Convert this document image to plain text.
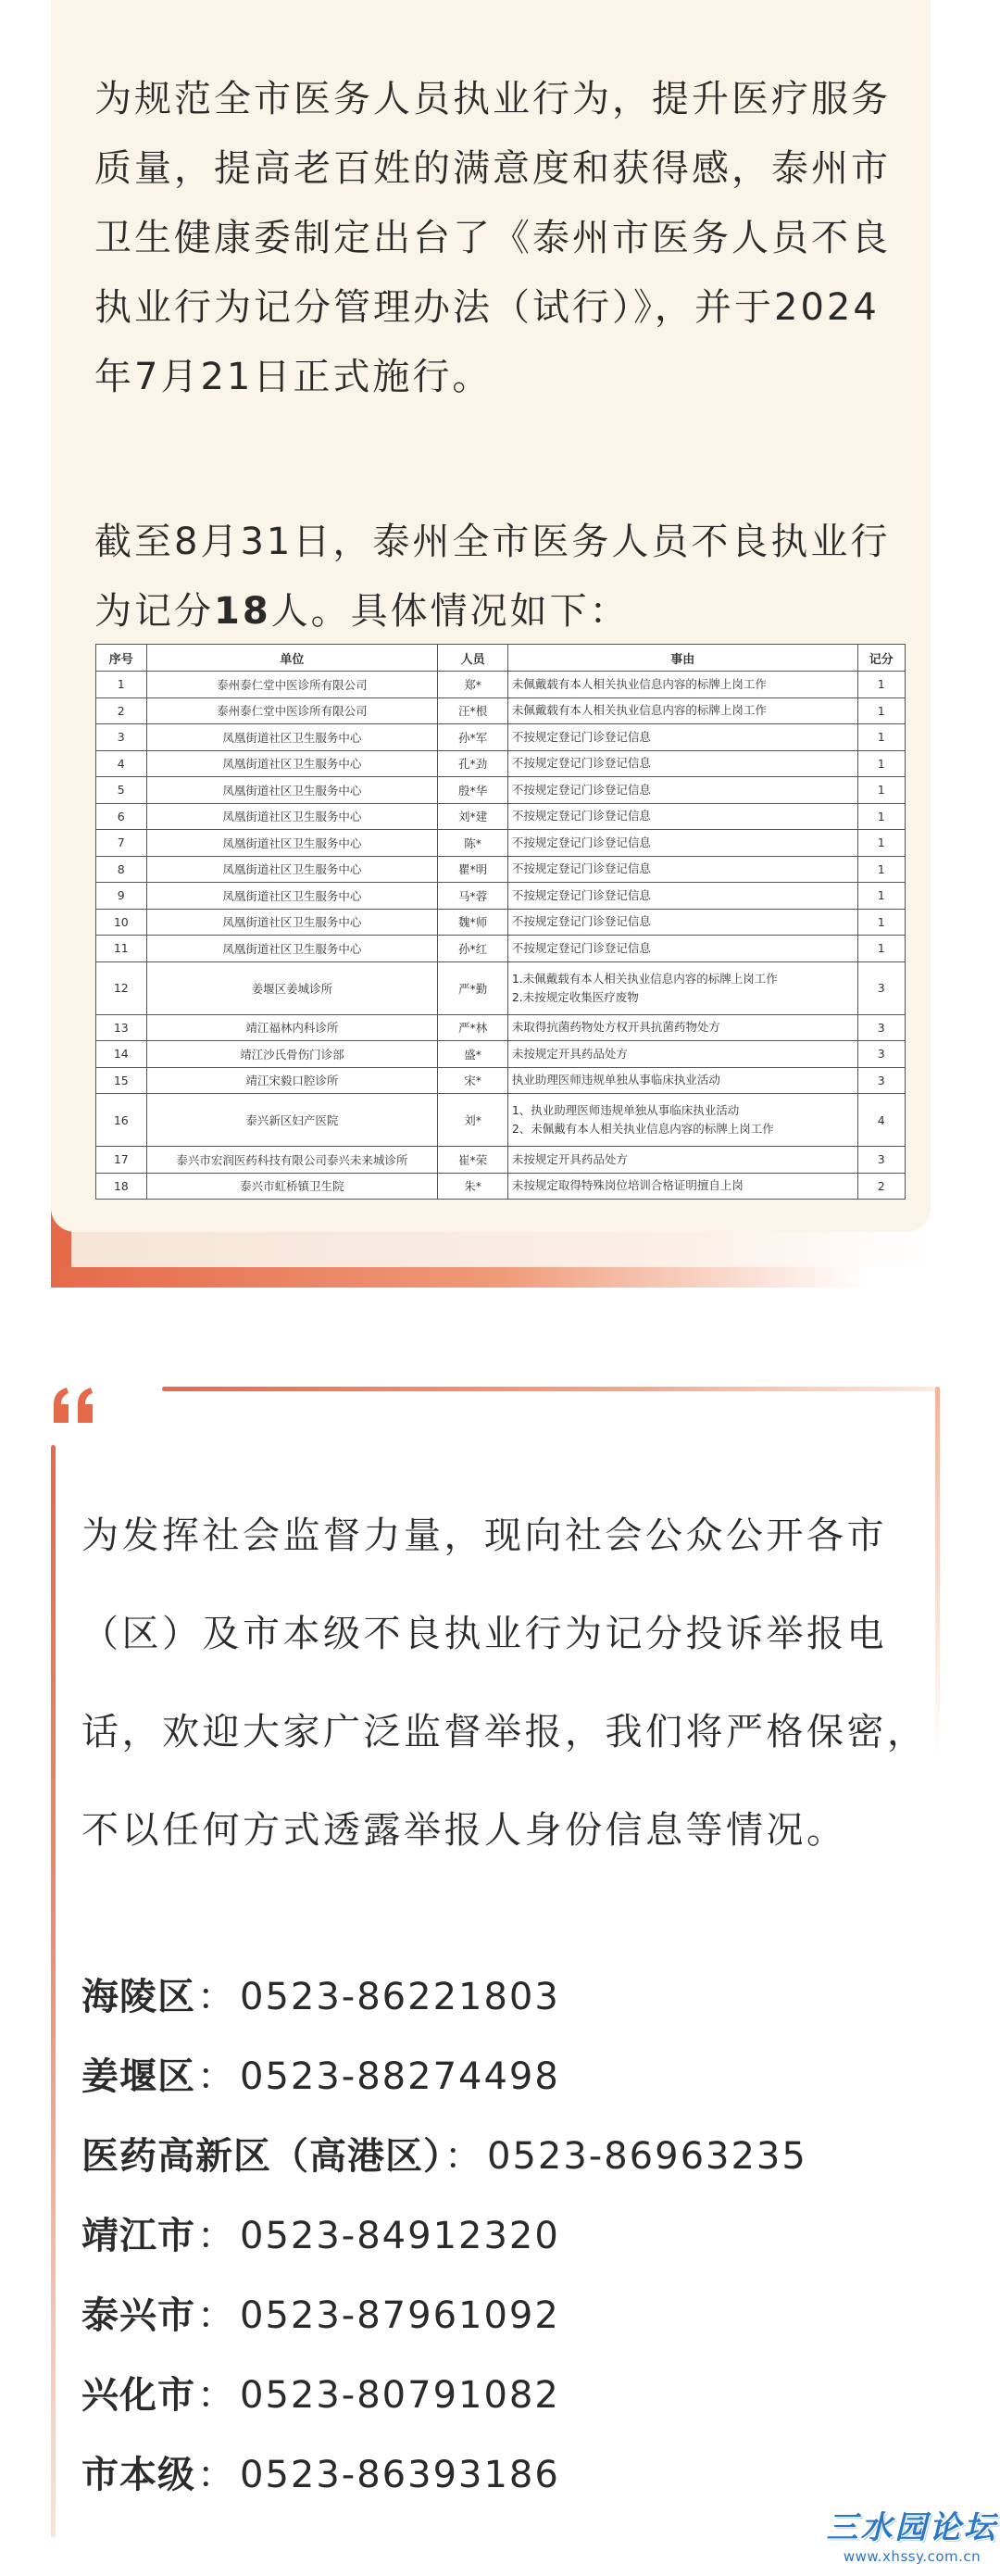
为规范全市医务人员执业行为，提升医疗服务质量，提高老百姓的满意度和获得感，泰州市卫生健康委制定出台了《泰州市医务人员不良执业行为记分管理办法（试行）》，并于2024年7月21日正式施行。

截至8月31日，泰州全市医务人员不良执业行为记分18人。具体情况如下：

序号	单位	人员	事由	记分
1	泰州泰仁堂中医诊所有限公司	郑*	未佩戴载有本人相关执业信息内容的标牌上岗工作	1
2	泰州泰仁堂中医诊所有限公司	汪*根	未佩戴载有本人相关执业信息内容的标牌上岗工作	1
3	凤凰街道社区卫生服务中心	孙*军	不按规定登记门诊登记信息	1
4	凤凰街道社区卫生服务中心	孔*劲	不按规定登记门诊登记信息	1
5	凤凰街道社区卫生服务中心	殷*华	不按规定登记门诊登记信息	1
6	凤凰街道社区卫生服务中心	刘*建	不按规定登记门诊登记信息	1
7	凤凰街道社区卫生服务中心	陈*	不按规定登记门诊登记信息	1
8	凤凰街道社区卫生服务中心	瞿*明	不按规定登记门诊登记信息	1
9	凤凰街道社区卫生服务中心	马*蓉	不按规定登记门诊登记信息	1
10	凤凰街道社区卫生服务中心	魏*师	不按规定登记门诊登记信息	1
11	凤凰街道社区卫生服务中心	孙*红	不按规定登记门诊登记信息	1
12	姜堰区姜城诊所	严*勤	1.未佩戴载有本人相关执业信息内容的标牌上岗工作
2.未按规定收集医疗废物	3
13	靖江福林内科诊所	严*林	未取得抗菌药物处方权开具抗菌药物处方	3
14	靖江沙氏骨伤门诊部	盛*	未按规定开具药品处方	3
15	靖江宋毅口腔诊所	宋*	执业助理医师违规单独从事临床执业活动	3
16	泰兴新区妇产医院	刘*	1、执业助理医师违规单独从事临床执业活动
2、未佩戴有本人相关执业信息内容的标牌上岗工作	4
17	泰兴市宏润医药科技有限公司泰兴未来城诊所	崔*荣	未按规定开具药品处方	3
18	泰兴市虹桥镇卫生院	朱*	未按规定取得特殊岗位培训合格证明擅自上岗	2

为发挥社会监督力量，现向社会公众公开各市（区）及市本级不良执业行为记分投诉举报电话，欢迎大家广泛监督举报，我们将严格保密，不以任何方式透露举报人身份信息等情况。

海陵区： 0523-86221803
姜堰区： 0523-88274498
医药高新区（高港区）： 0523-86963235
靖江市： 0523-84912320
泰兴市： 0523-87961092
兴化市： 0523-80791082
市本级： 0523-86393186
三水园论坛
www.xhssy.com.cn
